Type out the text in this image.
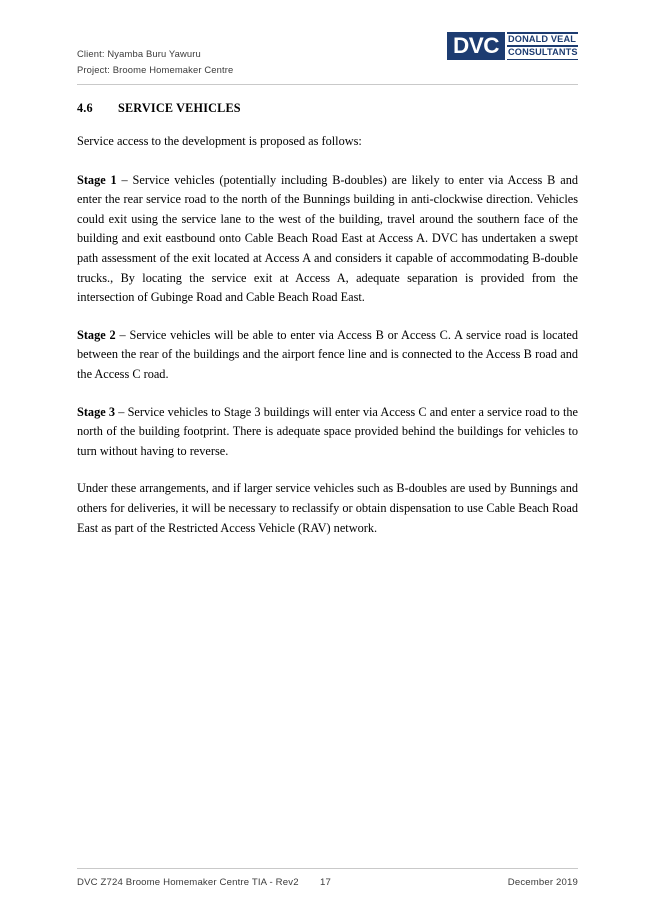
Client: Nyamba Buru Yawuru
Project: Broome Homemaker Centre
DVC DONALD VEAL
CONSULTANTS
4.6 SERVICE VEHICLES

Service access to the development is proposed as follows:

Stage 1 – Service vehicles (potentially including B-doubles) are likely to enter via Access B and enter the rear service road to the north of the Bunnings building in anti-clockwise direction. Vehicles could exit using the service lane to the west of the building, travel around the southern face of the building and exit eastbound onto Cable Beach Road East at Access A. DVC has undertaken a swept path assessment of the exit located at Access A and considers it capable of accommodating B-double trucks., By locating the service exit at Access A, adequate separation is provided from the intersection of Gubinge Road and Cable Beach Road East.

Stage 2 – Service vehicles will be able to enter via Access B or Access C. A service road is located between the rear of the buildings and the airport fence line and is connected to the Access B road and the Access C road.

Stage 3 – Service vehicles to Stage 3 buildings will enter via Access C and enter a service road to the north of the building footprint. There is adequate space provided behind the buildings for vehicles to turn without having to reverse.

Under these arrangements, and if larger service vehicles such as B-doubles are used by Bunnings and others for deliveries, it will be necessary to reclassify or obtain dispensation to use Cable Beach Road East as part of the Restricted Access Vehicle (RAV) network.

DVC Z724 Broome Homemaker Centre TIA - Rev2 17	December 2019
